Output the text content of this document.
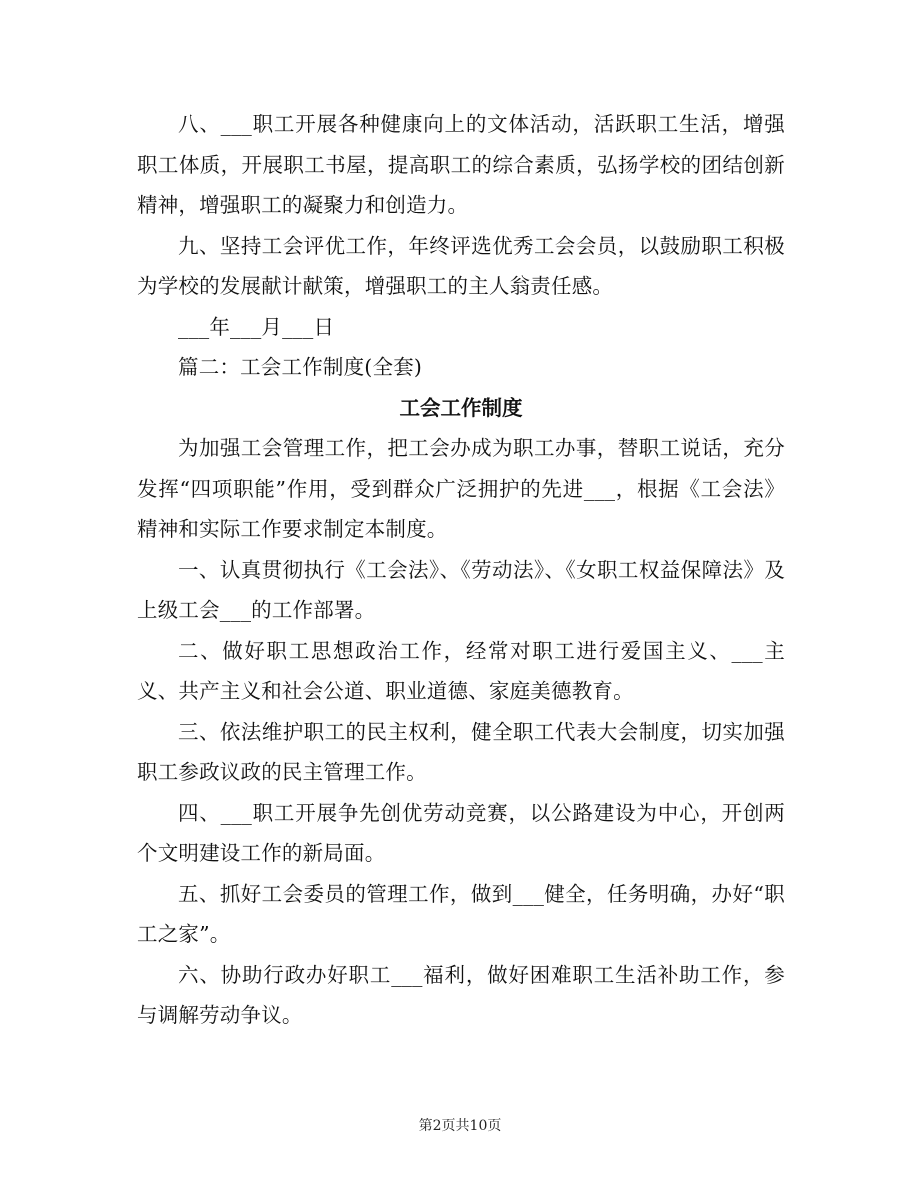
八、___职工开展各种健康向上的文体活动，活跃职工生活，增强职工体质，开展职工书屋，提高职工的综合素质，弘扬学校的团结创新精神，增强职工的凝聚力和创造力。

九、坚持工会评优工作，年终评选优秀工会会员，以鼓励职工积极为学校的发展献计献策，增强职工的主人翁责任感。

___年___月___日

篇二：工会工作制度(全套)

工会工作制度

为加强工会管理工作，把工会办成为职工办事，替职工说话，充分发挥“四项职能”作用，受到群众广泛拥护的先进___，根据《工会法》精神和实际工作要求制定本制度。

一、认真贯彻执行《工会法》、《劳动法》、《女职工权益保障法》及上级工会___的工作部署。

二、做好职工思想政治工作，经常对职工进行爱国主义、___主义、共产主义和社会公道、职业道德、家庭美德教育。

三、依法维护职工的民主权利，健全职工代表大会制度，切实加强职工参政议政的民主管理工作。

四、___职工开展争先创优劳动竞赛，以公路建设为中心，开创两个文明建设工作的新局面。

五、抓好工会委员的管理工作，做到___健全，任务明确，办好“职工之家”。

六、协助行政办好职工___福利，做好困难职工生活补助工作，参与调解劳动争议。

第2页共10页
